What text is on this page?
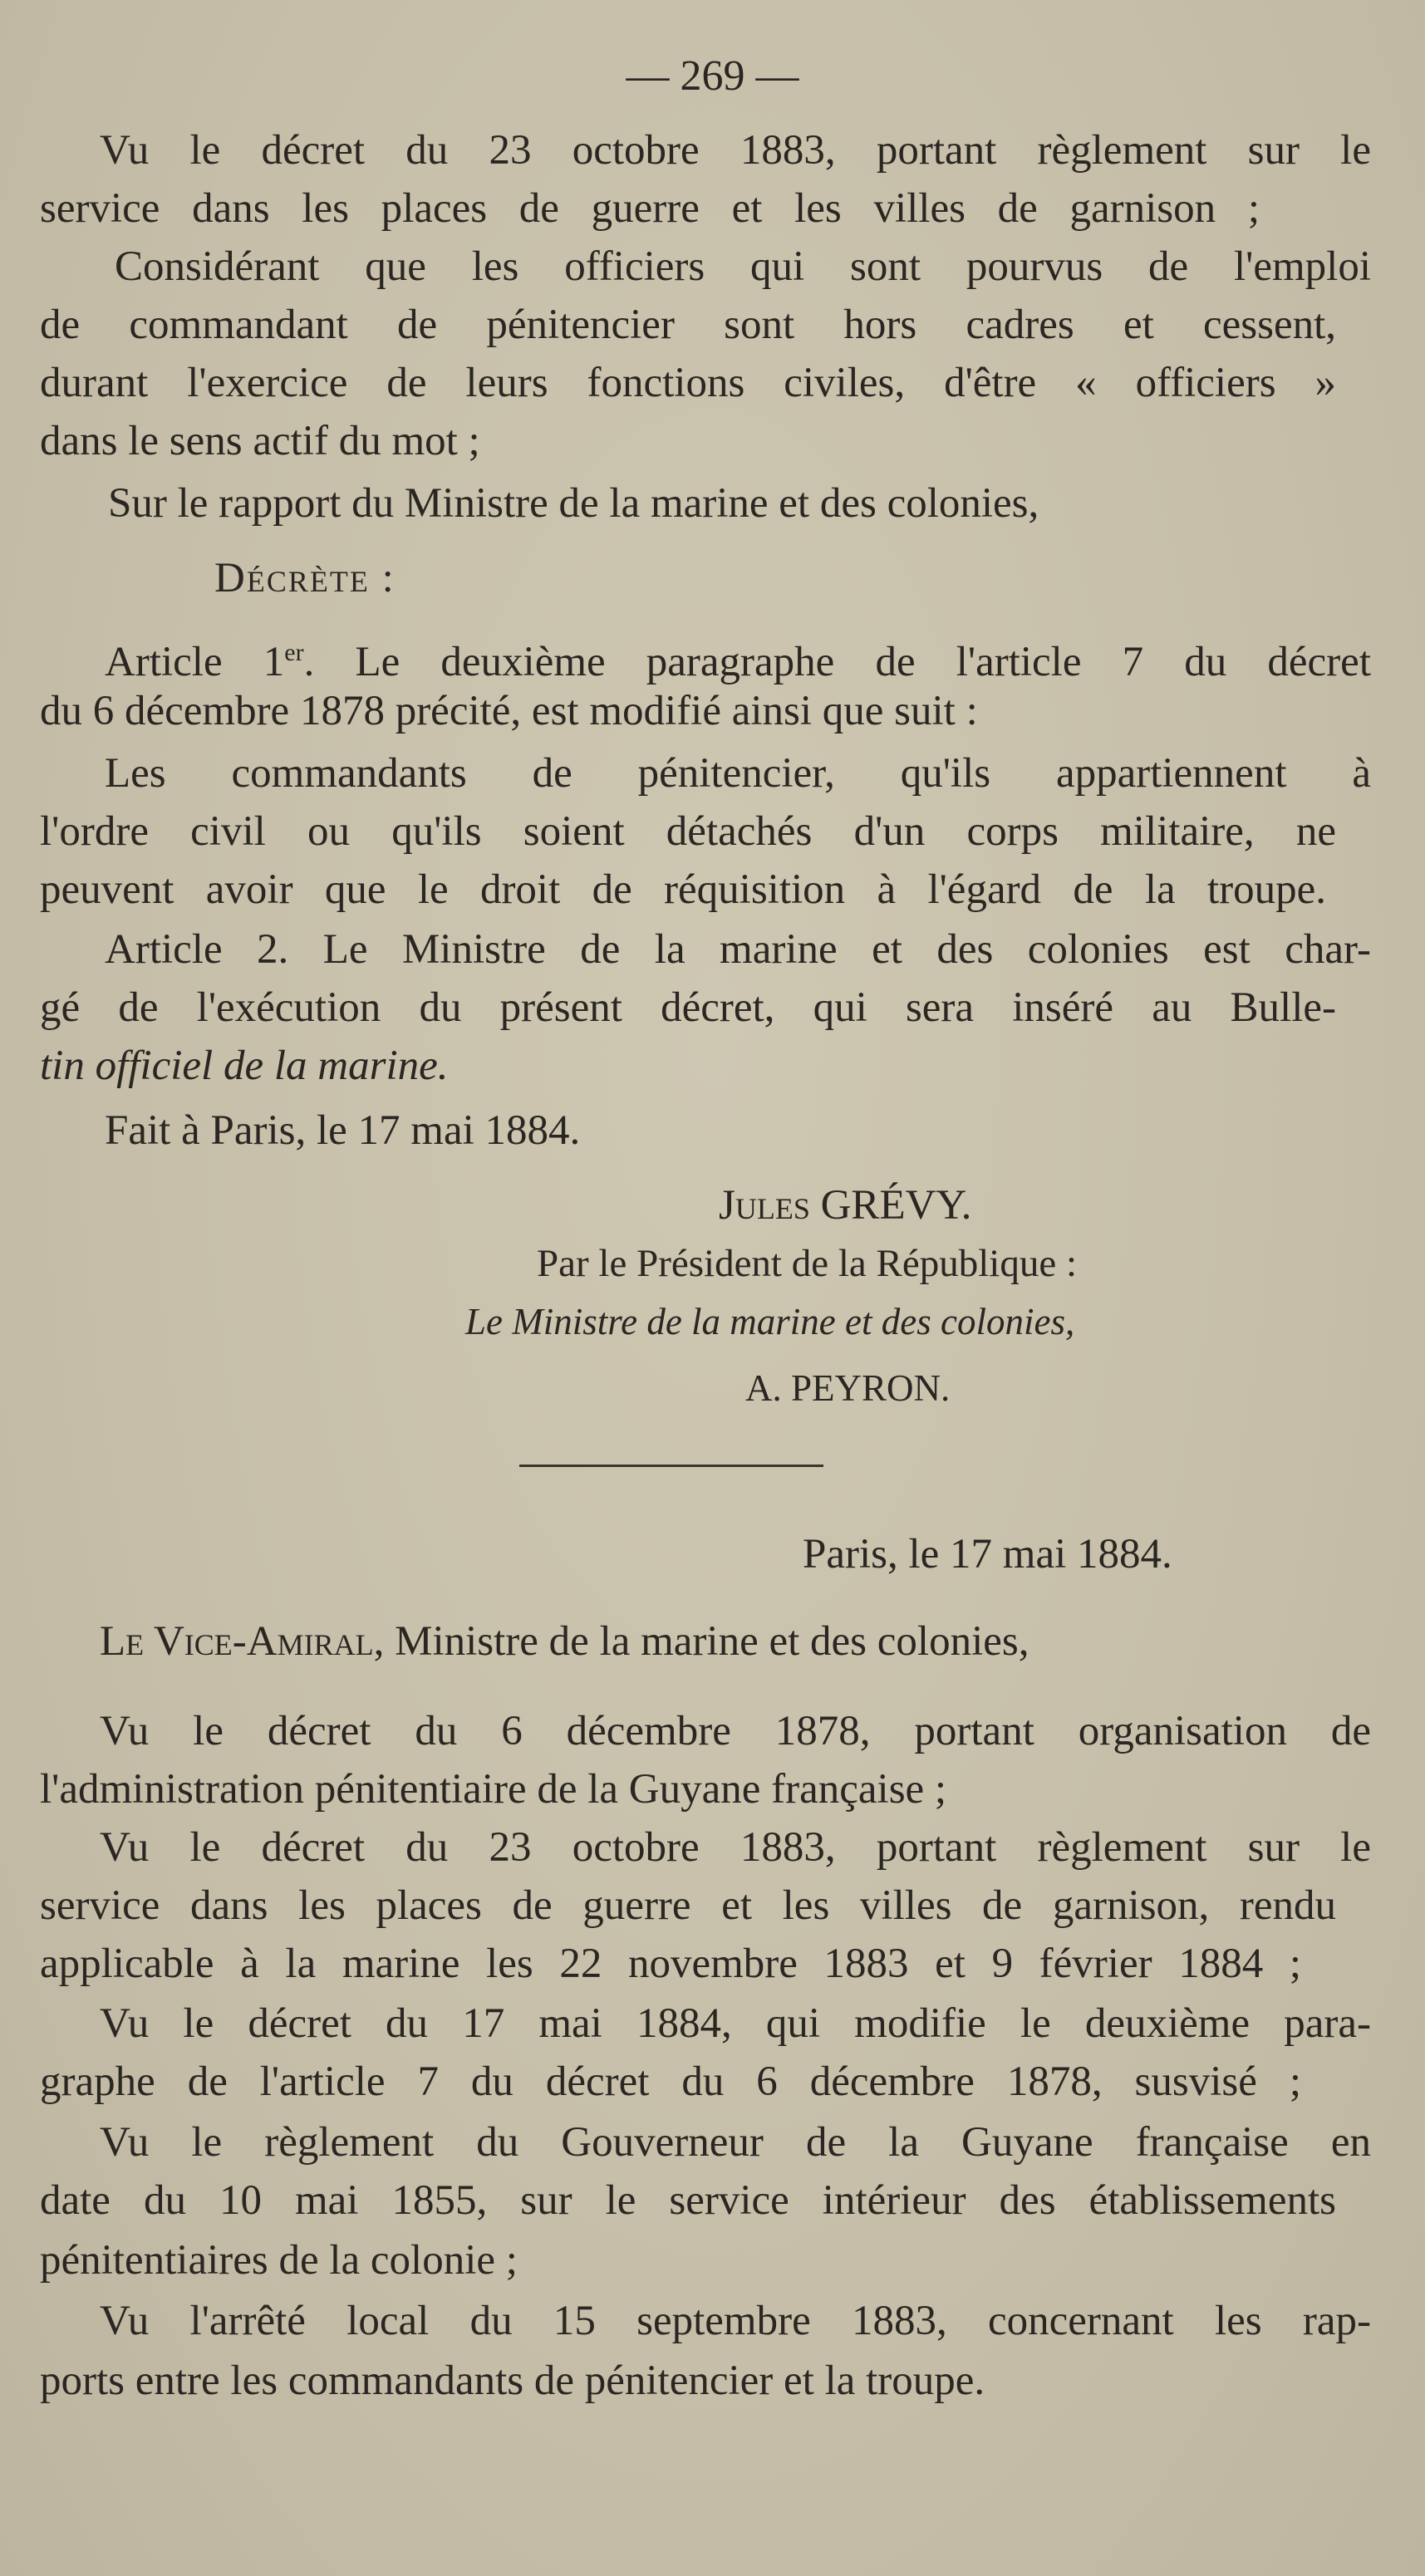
— 269 —
Vu le décret du 23 octobre 1883, portant règlement sur le
service dans les places de guerre et les villes de garnison ;
Considérant que les officiers qui sont pourvus de l'emploi
de commandant de pénitencier sont hors cadres et cessent,
durant l'exercice de leurs fonctions civiles, d'être « officiers »
dans le sens actif du mot ;
Sur le rapport du Ministre de la marine et des colonies,
Décrète :
Article 1er. Le deuxième paragraphe de l'article 7 du décret
du 6 décembre 1878 précité, est modifié ainsi que suit :
Les commandants de pénitencier, qu'ils appartiennent à
l'ordre civil ou qu'ils soient détachés d'un corps militaire, ne
peuvent avoir que le droit de réquisition à l'égard de la troupe.
Article 2. Le Ministre de la marine et des colonies est char-
gé de l'exécution du présent décret, qui sera inséré au Bulle-
tin officiel de la marine.
Fait à Paris, le 17 mai 1884.
Jules GRÉVY.
Par le Président de la République :
Le Ministre de la marine et des colonies,
A. PEYRON.
Paris, le 17 mai 1884.
Le Vice-Amiral, Ministre de la marine et des colonies,
Vu le décret du 6 décembre 1878, portant organisation de
l'administration pénitentiaire de la Guyane française ;
Vu le décret du 23 octobre 1883, portant règlement sur le
service dans les places de guerre et les villes de garnison, rendu
applicable à la marine les 22 novembre 1883 et 9 février 1884 ;
Vu le décret du 17 mai 1884, qui modifie le deuxième para-
graphe de l'article 7 du décret du 6 décembre 1878, susvisé ;
Vu le règlement du Gouverneur de la Guyane française en
date du 10 mai 1855, sur le service intérieur des établissements
pénitentiaires de la colonie ;
Vu l'arrêté local du 15 septembre 1883, concernant les rap-
ports entre les commandants de pénitencier et la troupe.
